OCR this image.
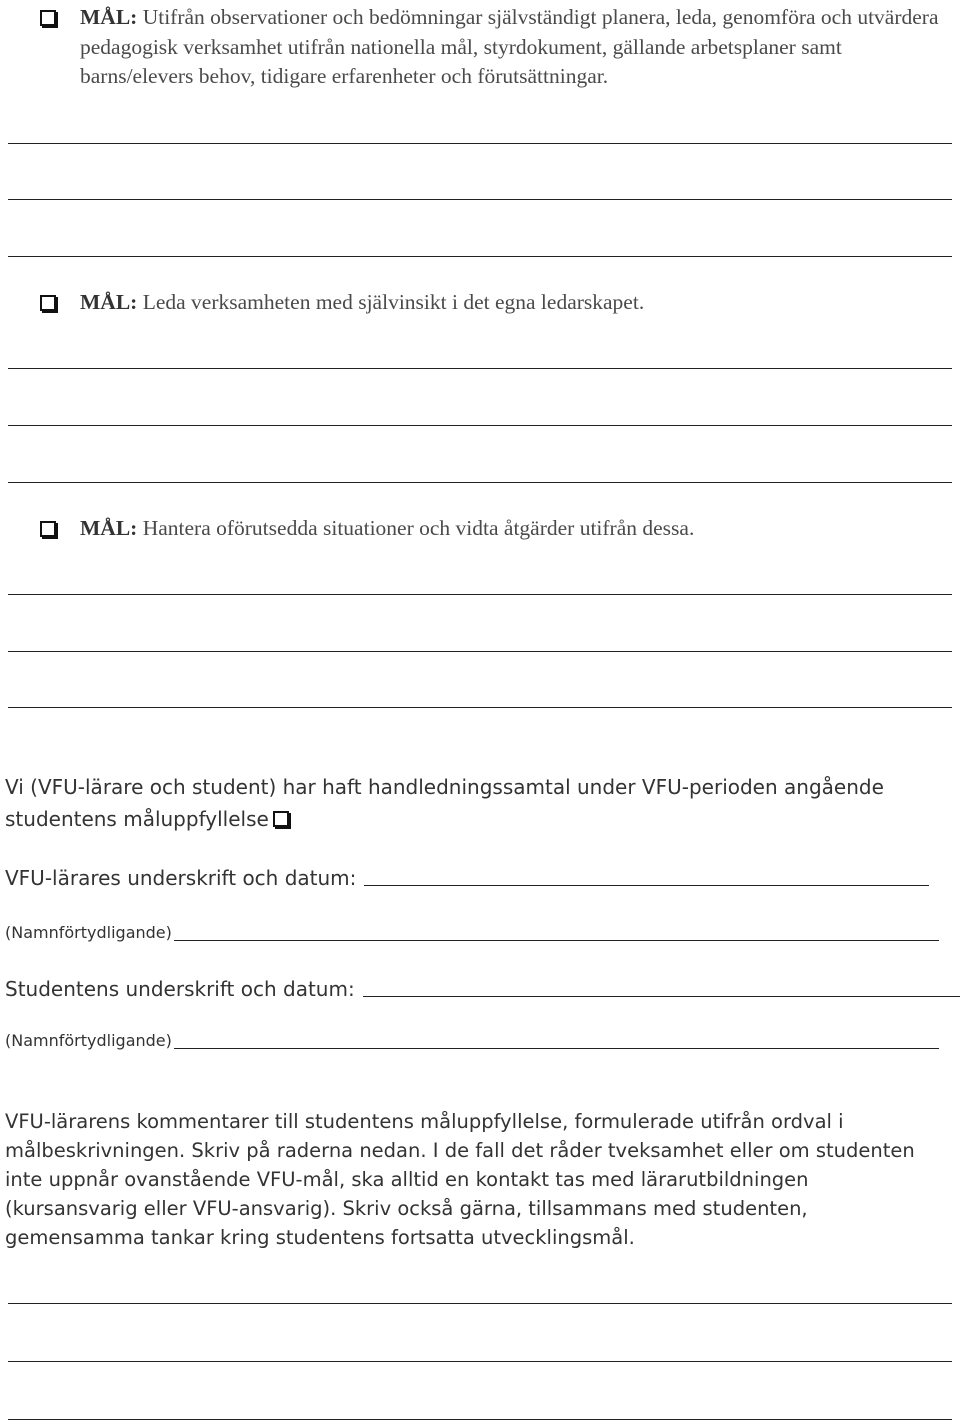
MÅL: Utifrån observationer och bedömningar självständigt planera, leda, genomföra och utvärdera pedagogisk verksamhet utifrån nationella mål, styrdokument, gällande arbetsplaner samt barns/elevers behov, tidigare erfarenheter och förutsättningar.
MÅL: Leda verksamheten med självinsikt i det egna ledarskapet.
MÅL: Hantera oförutsedda situationer och vidta åtgärder utifrån dessa.
Vi (VFU-lärare och student) har haft handledningssamtal under VFU-perioden angående studentens måluppfyllelse
VFU-lärares underskrift och datum:
(Namnförtydligande)
Studentens underskrift och datum:
(Namnförtydligande)
VFU-lärarens kommentarer till studentens måluppfyllelse, formulerade utifrån ordval i målbeskrivningen. Skriv på raderna nedan. I de fall det råder tveksamhet eller om studenten inte uppnår ovanstående VFU-mål, ska alltid en kontakt tas med lärarutbildningen (kursansvarig eller VFU-ansvarig). Skriv också gärna, tillsammans med studenten, gemensamma tankar kring studentens fortsatta utvecklingsmål.
